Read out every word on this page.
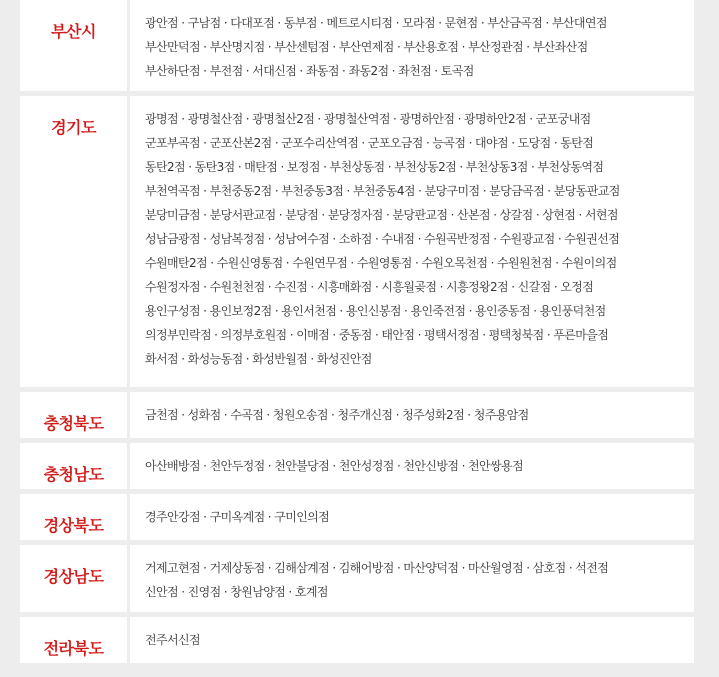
부산시	광안점 · 구남점 · 다대포점 · 동부점 · 메트로시티점 · 모라점 · 문현점 · 부산금곡점 · 부산대연점
부산만덕점 · 부산명지점 · 부산센텀점 · 부산연제점 · 부산용호점 · 부산정관점 · 부산좌산점
부산하단점 · 부전점 · 서대신점 · 좌동점 · 좌동2점 · 좌천점 · 토곡점
경기도	광명점 · 광명철산점 · 광명철산2점 · 광명철산역점 · 광명하안점 · 광명하안2점 · 군포궁내점
군포부곡점 · 군포산본2점 · 군포수리산역점 · 군포오금점 · 능곡점 · 대야점 · 도당점 · 동탄점
동탄2점 · 동탄3점 · 매탄점 · 보정점 · 부천상동점 · 부천상동2점 · 부천상동3점 · 부천상동역점
부천역곡점 · 부천중동2점 · 부천중동3점 · 부천중동4점 · 분당구미점 · 분당금곡점 · 분당동판교점
분당미금점 · 분당서판교점 · 분당점 · 분당정자점 · 분당판교점 · 산본점 · 상갈점 · 상현점 · 서현점
성남금광점 · 성남복정점 · 성남여수점 · 소하점 · 수내점 · 수원곡반정점 · 수원광교점 · 수원권선점
수원매탄2점 · 수원신영통점 · 수원연무점 · 수원영통점 · 수원오목천점 · 수원원천점 · 수원이의점
수원정자점 · 수원천천점 · 수진점 · 시흥매화점 · 시흥월곶점 · 시흥정왕2점 · 신갈점 · 오정점
용인구성점 · 용인보정2점 · 용인서천점 · 용인신봉점 · 용인죽전점 · 용인중동점 · 용인풍덕천점
의정부민락점 · 의정부호원점 · 이매점 · 중동점 · 태안점 · 평택서정점 · 평택청북점 · 푸른마을점
화서점 · 화성능동점 · 화성반월점 · 화성진안점
충청북도	금천점 · 성화점 · 수곡점 · 청원오송점 · 청주개신점 · 청주성화2점 · 청주용암점
충청남도	아산배방점 · 천안두정점 · 천안불당점 · 천안성정점 · 천안신방점 · 천안쌍용점
경상북도	경주안강점 · 구미옥계점 · 구미인의점
경상남도	거제고현점 · 거제상동점 · 김해삼계점 · 김해어방점 · 마산양덕점 · 마산월영점 · 삼호점 · 석전점
신안점 · 진영점 · 창원남양점 · 호계점
전라북도	전주서신점
